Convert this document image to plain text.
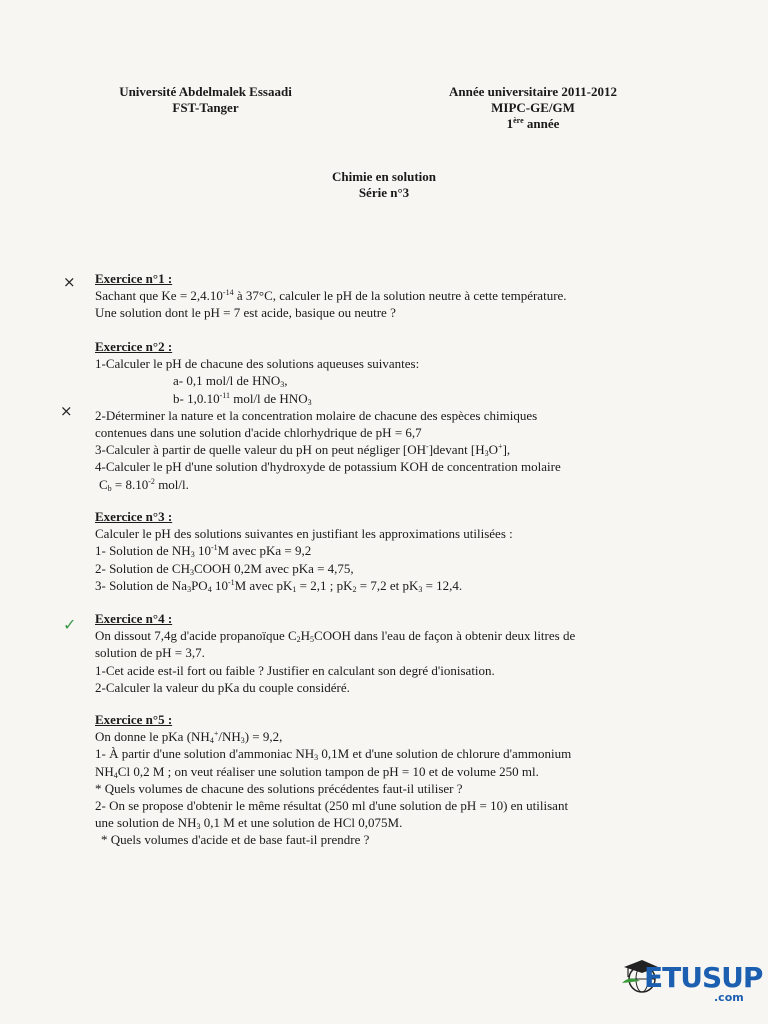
Université Abdelmalek Essaadi
FST-Tanger
Année universitaire 2011-2012
MIPC-GE/GM
1ère année
Chimie en solution
Série n°3
×
×
✓
Exercice n°1 :
Sachant que $Ke = 2,4.10^{-14}$ à 37°C, calculer le pH de la solution neutre à cette température.
Une solution dont le pH = 7 est acide, basique ou neutre ?
Exercice n°2 :
1-Calculer le pH de chacune des solutions aqueuses suivantes:
a- 0,1 mol/l de $HNO_3$,
b- $1,0.10^{-11}$ mol/l de $HNO_3$
2-Déterminer la nature et la concentration molaire de chacune des espèces chimiques
contenues dans une solution d'acide chlorhydrique de pH = 6,7
3-Calculer à partir de quelle valeur du pH on peut négliger [OH-]devant $[H_3O^+]$,
4-Calculer le pH d'une solution d'hydroxyde de potassium KOH de concentration molaire
$C_b = 8.10^{-2}$ mol/l.
Exercice n°3 :
Calculer le pH des solutions suivantes en justifiant les approximations utilisées :
1- Solution de $NH_3$ $10^{-1}M$ avec pKa = 9,2
2- Solution de $CH_3COOH$ 0,2M avec pKa = 4,75,
3- Solution de $Na_3PO_4$ $10^{-1}M$ avec $pK_1 = 2,1$ ; $pK_2 = 7,2$ et $pK_3 = 12,4$.
Exercice n°4 :
On dissout 7,4g d'acide propanoïque $C_2H_5COOH$ dans l'eau de façon à obtenir deux litres de
solution de pH = 3,7.
1-Cet acide est-il fort ou faible ? Justifier en calculant son degré d'ionisation.
2-Calculer la valeur du pKa du couple considéré.
Exercice n°5 :
On donne le pKa $(NH_4^+/NH_3) = 9,2$,
1- À partir d'une solution d'ammoniac $NH_3$ 0,1M et d'une solution de chlorure d'ammonium
$NH_4Cl$ 0,2 M ; on veut réaliser une solution tampon de pH = 10 et de volume 250 ml.
* Quels volumes de chacune des solutions précédentes faut-il utiliser ?
2- On se propose d'obtenir le même résultat (250 ml d'une solution de pH = 10) en utilisant
une solution de $NH_3$ 0,1 M et une solution de HCl 0,075M.
* Quels volumes d'acide et de base faut-il prendre ?
ETUSUP
.com
